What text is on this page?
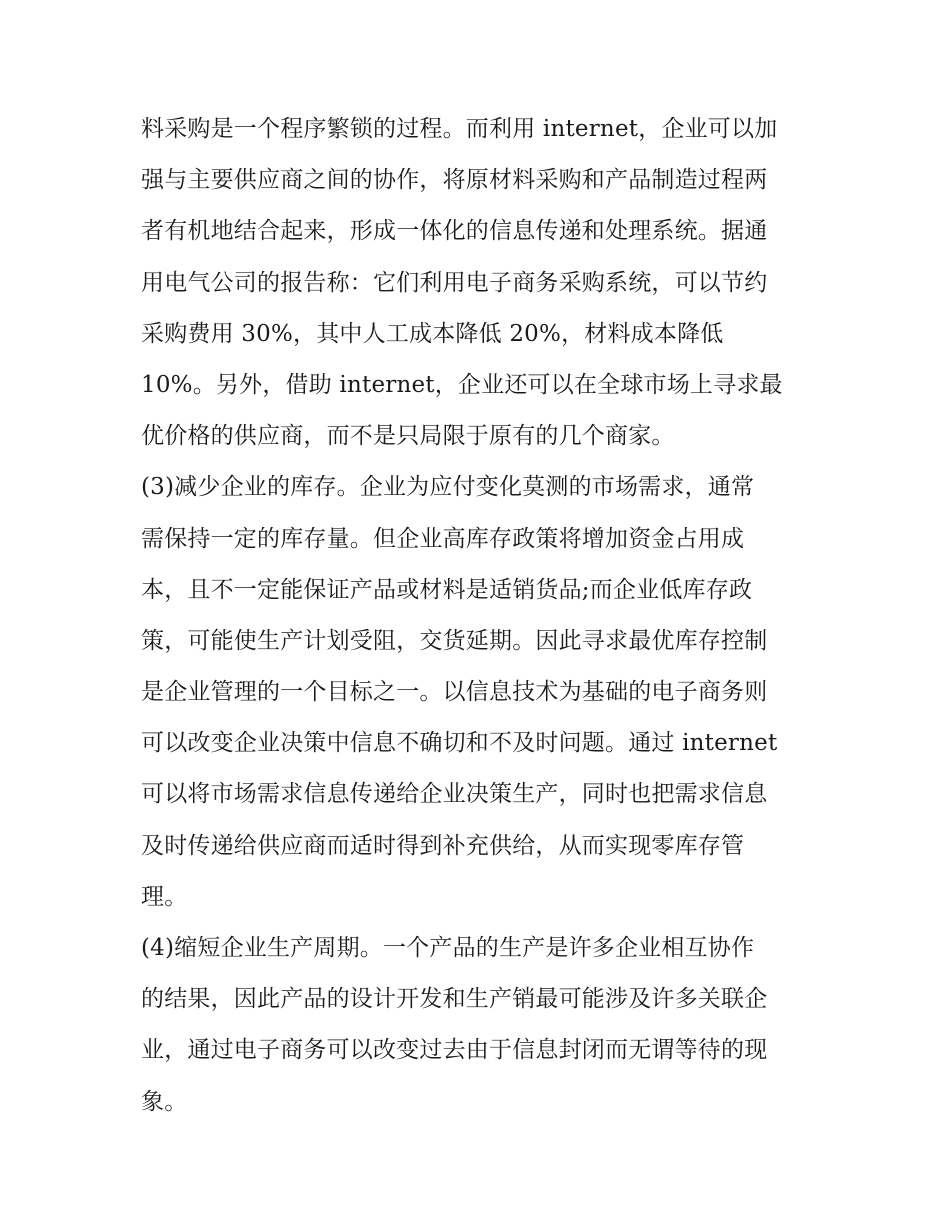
料采购是一个程序繁锁的过程。而利用 internet，企业可以加
强与主要供应商之间的协作，将原材料采购和产品制造过程两
者有机地结合起来，形成一体化的信息传递和处理系统。据通
用电气公司的报告称：它们利用电子商务采购系统，可以节约
采购费用 30%，其中人工成本降低 20%，材料成本降低
10%。另外，借助 internet，企业还可以在全球市场上寻求最
优价格的供应商，而不是只局限于原有的几个商家。
(3)减少企业的库存。企业为应付变化莫测的市场需求，通常
需保持一定的库存量。但企业高库存政策将增加资金占用成
本，且不一定能保证产品或材料是适销货品;而企业低库存政
策，可能使生产计划受阻，交货延期。因此寻求最优库存控制
是企业管理的一个目标之一。以信息技术为基础的电子商务则
可以改变企业决策中信息不确切和不及时问题。通过 internet
可以将市场需求信息传递给企业决策生产，同时也把需求信息
及时传递给供应商而适时得到补充供给，从而实现零库存管
理。
(4)缩短企业生产周期。一个产品的生产是许多企业相互协作
的结果，因此产品的设计开发和生产销最可能涉及许多关联企
业，通过电子商务可以改变过去由于信息封闭而无谓等待的现
象。
